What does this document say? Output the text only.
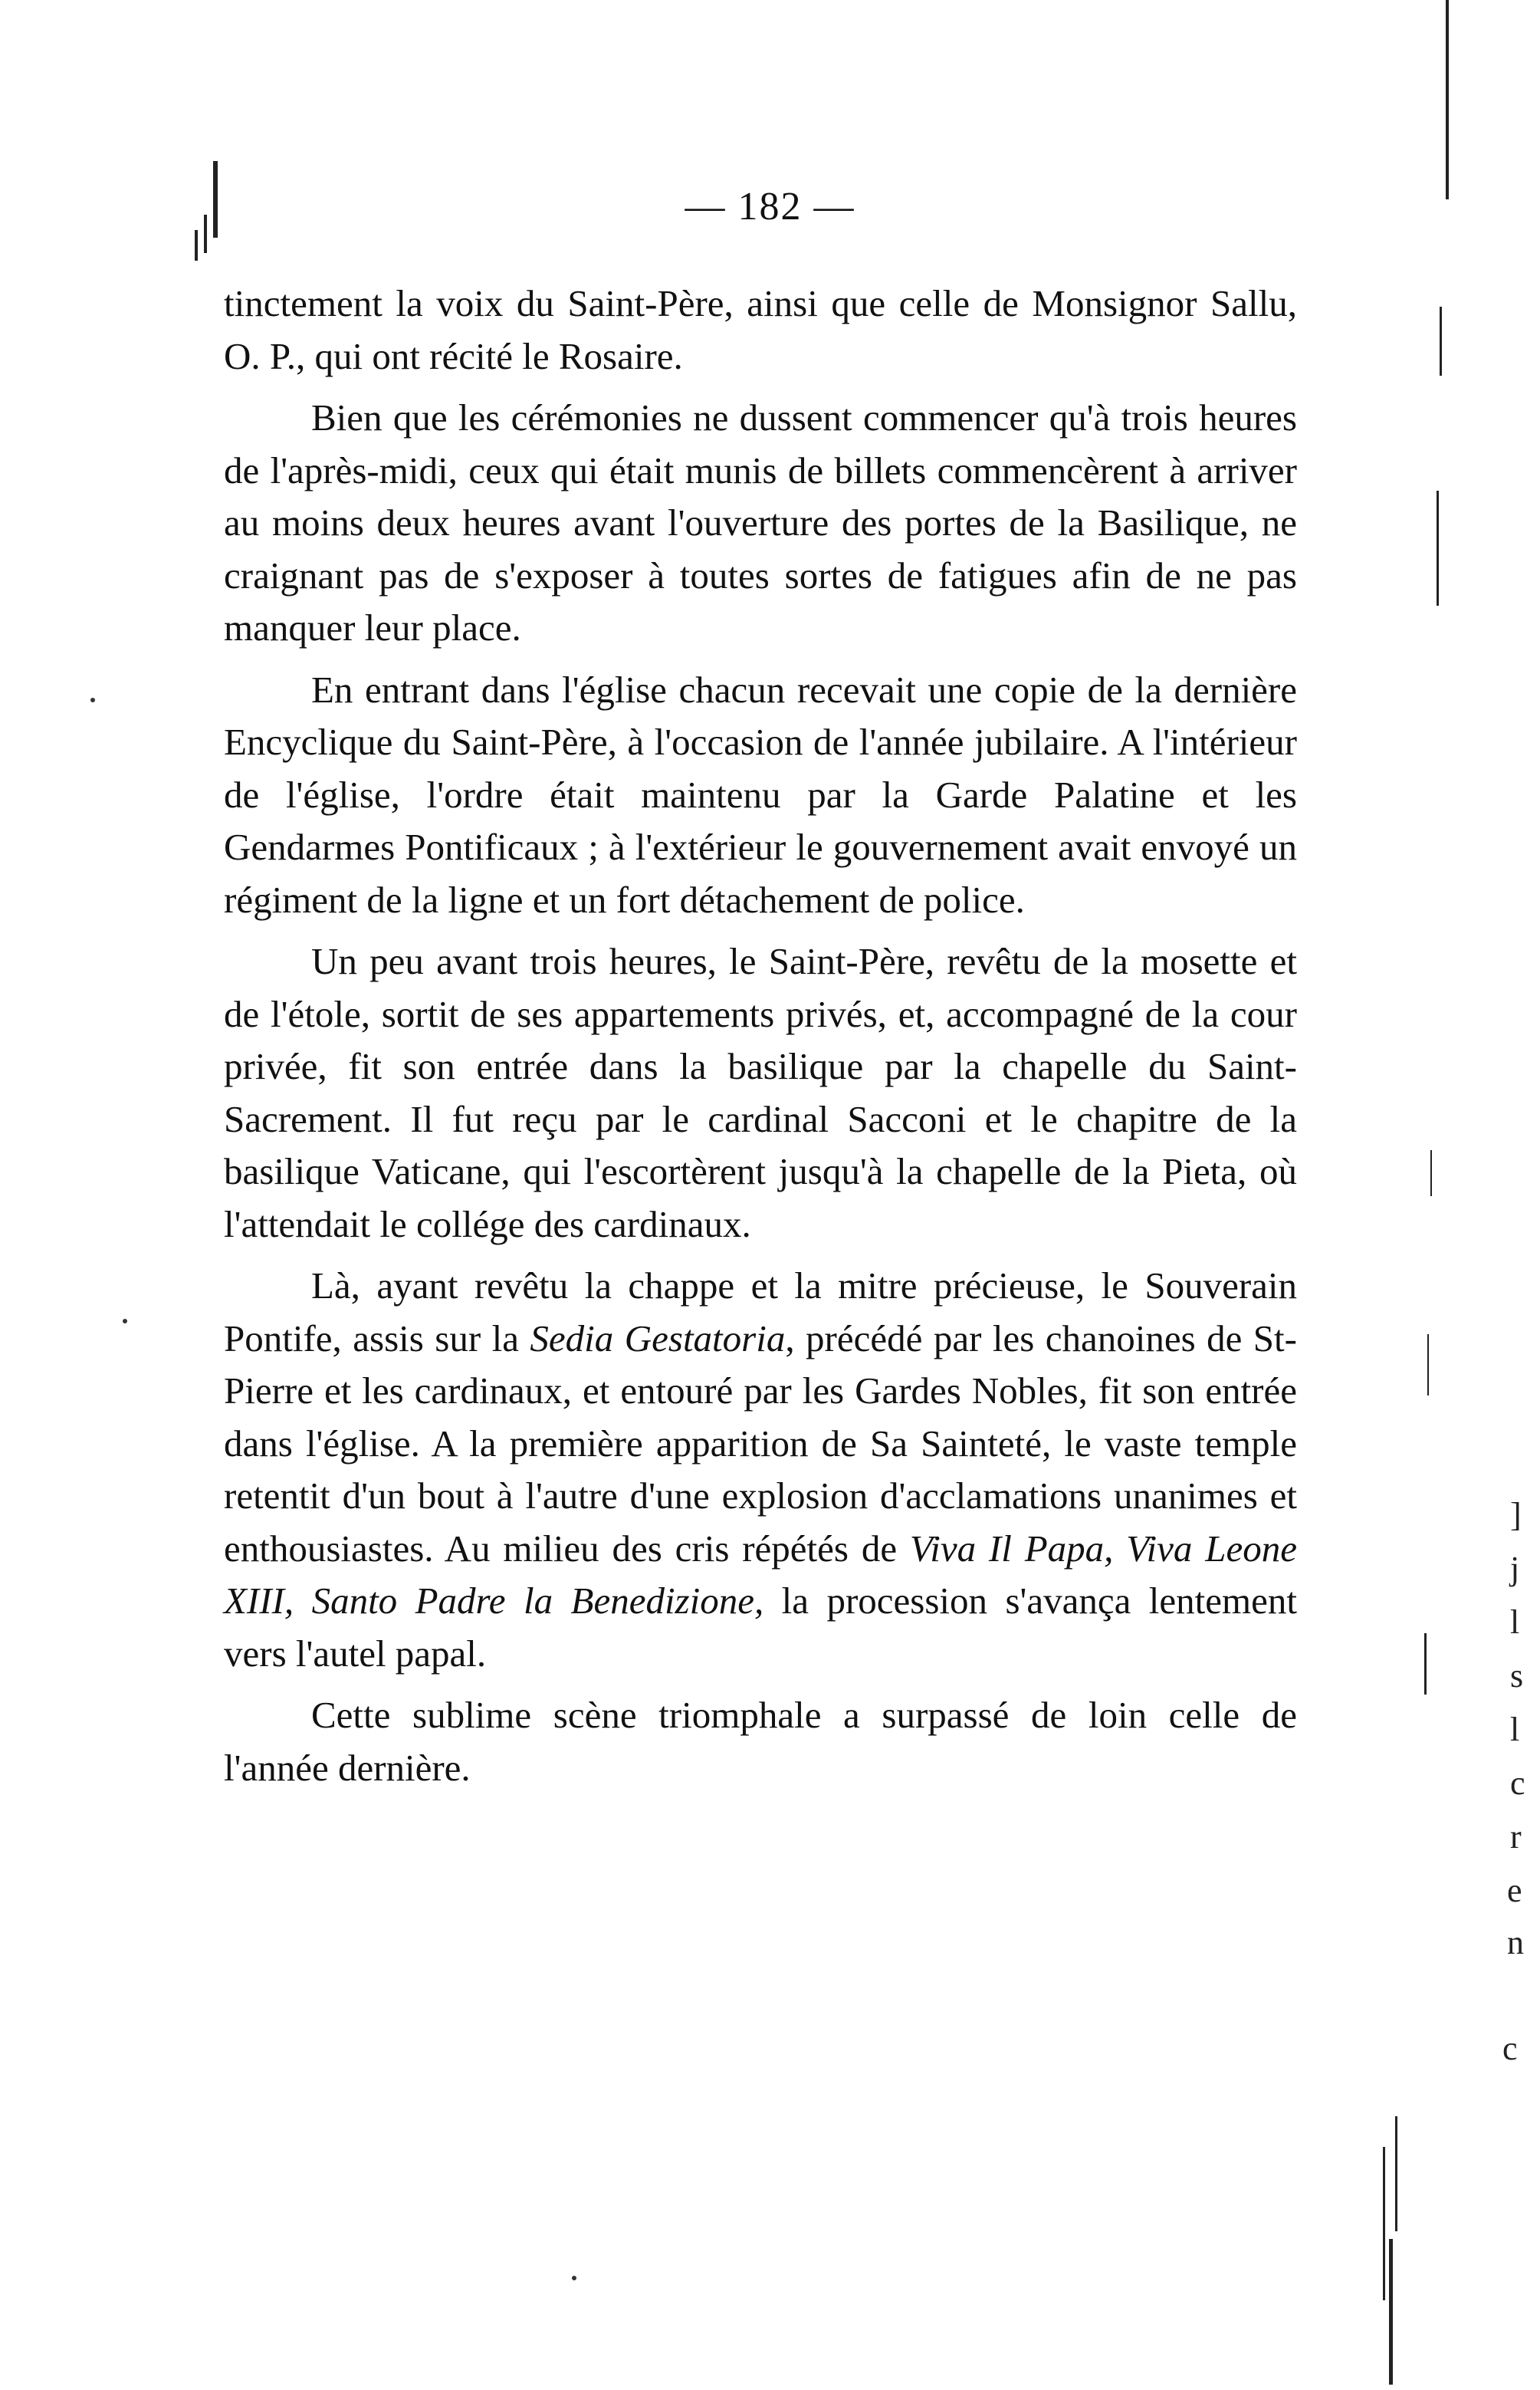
— 182 —

tinctement la voix du Saint-Père, ainsi que celle de Monsignor Sallu, O. P., qui ont récité le Rosaire.

Bien que les cérémonies ne dussent commencer qu'à trois heures de l'après-midi, ceux qui était munis de billets commencèrent à arriver au moins deux heures avant l'ouverture des portes de la Basilique, ne craignant pas de s'exposer à toutes sortes de fatigues afin de ne pas manquer leur place.

En entrant dans l'église chacun recevait une copie de la dernière Encyclique du Saint-Père, à l'occasion de l'année jubilaire. A l'intérieur de l'église, l'ordre était maintenu par la Garde Palatine et les Gendarmes Pontificaux ; à l'extérieur le gouvernement avait envoyé un régiment de la ligne et un fort détachement de police.

Un peu avant trois heures, le Saint-Père, revêtu de la mosette et de l'étole, sortit de ses appartements privés, et, accompagné de la cour privée, fit son entrée dans la basilique par la chapelle du Saint-Sacrement. Il fut reçu par le cardinal Sacconi et le chapitre de la basilique Vaticane, qui l'escortèrent jusqu'à la chapelle de la Pieta, où l'attendait le collége des cardinaux.

Là, ayant revêtu la chappe et la mitre précieuse, le Souverain Pontife, assis sur la Sedia Gestatoria, précédé par les chanoines de St-Pierre et les cardinaux, et entouré par les Gardes Nobles, fit son entrée dans l'église. A la première apparition de Sa Sainteté, le vaste temple retentit d'un bout à l'autre d'une explosion d'acclamations unanimes et enthousiastes. Au milieu des cris répétés de Viva Il Papa, Viva Leone XIII, Santo Padre la Benedizione, la procession s'avança lentement vers l'autel papal.

Cette sublime scène triomphale a surpassé de loin celle de l'année dernière.

]
j
l
s
l
c
r
e
n
c
